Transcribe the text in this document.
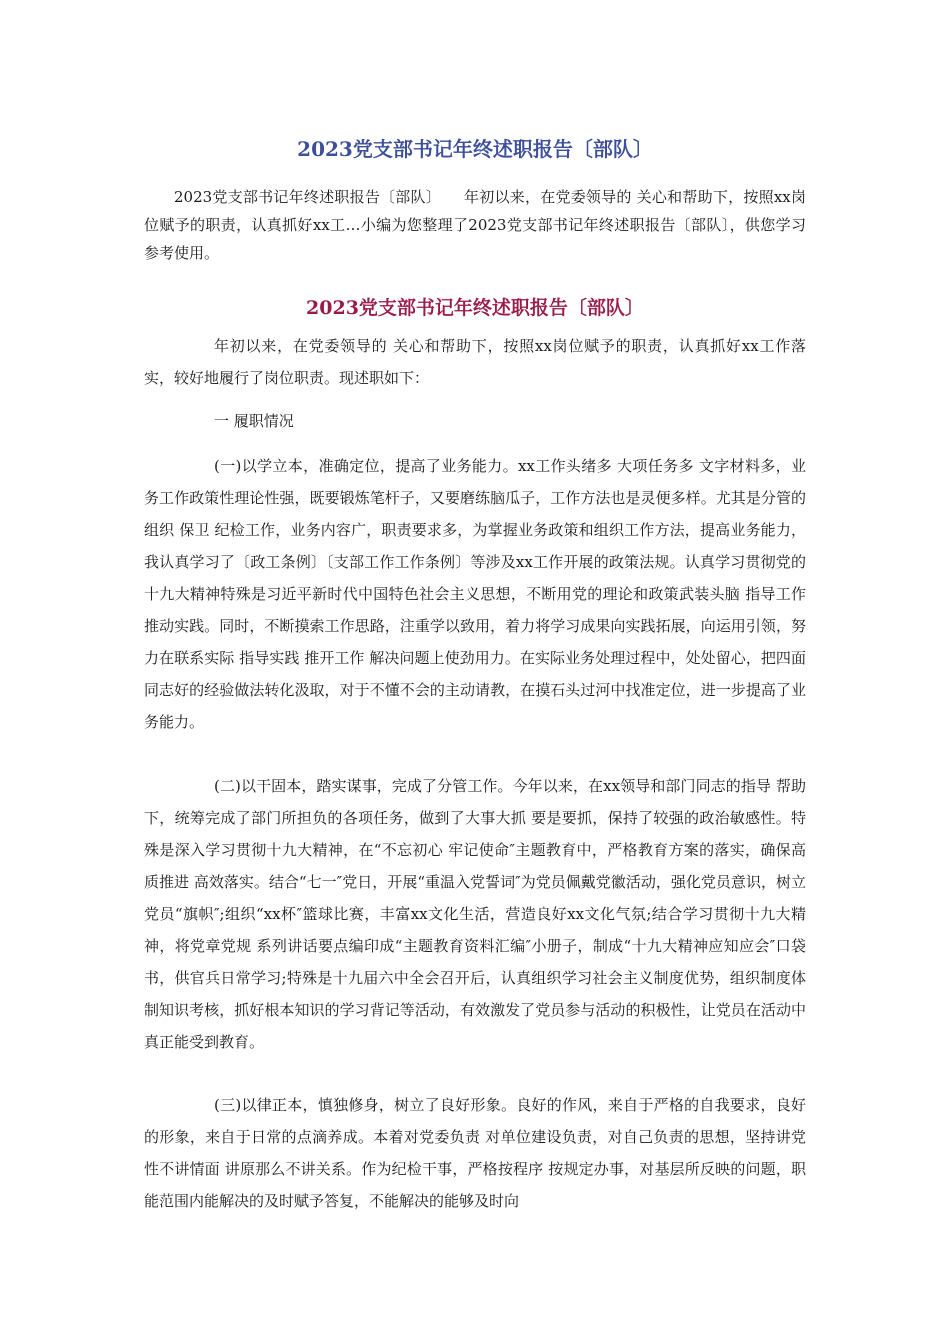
2023党支部书记年终述职报告〔部队〕

2023党支部书记年终述职报告〔部队〕　　年初以来，在党委领导的 关心和帮助下，按照xx岗位赋予的职责，认真抓好xx工…小编为您整理了2023党支部书记年终述职报告〔部队〕，供您学习参考使用。

2023党支部书记年终述职报告〔部队〕

年初以来，在党委领导的 关心和帮助下，按照xx岗位赋予的职责，认真抓好xx工作落实，较好地履行了岗位职责。现述职如下：

一 履职情况

(一)以学立本，准确定位，提高了业务能力。xx工作头绪多 大项任务多 文字材料多，业务工作政策性理论性强，既要锻炼笔杆子，又要磨练脑瓜子，工作方法也是灵便多样。尤其是分管的组织 保卫 纪检工作，业务内容广，职责要求多，为掌握业务政策和组织工作方法，提高业务能力，我认真学习了〔政工条例〕〔支部工作工作条例〕等涉及xx工作开展的政策法规。认真学习贯彻党的十九大精神特殊是习近平新时代中国特色社会主义思想，不断用党的理论和政策武装头脑 指导工作 推动实践。同时，不断摸索工作思路，注重学以致用，着力将学习成果向实践拓展，向运用引领，努力在联系实际 指导实践 推开工作 解决问题上使劲用力。在实际业务处理过程中，处处留心，把四面同志好的经验做法转化汲取，对于不懂不会的主动请教，在摸石头过河中找准定位，进一步提高了业务能力。

(二)以干固本，踏实谋事，完成了分管工作。今年以来，在xx领导和部门同志的指导 帮助下，统筹完成了部门所担负的各项任务，做到了大事大抓 要是要抓，保持了较强的政治敏感性。特殊是深入学习贯彻十九大精神，在“不忘初心 牢记使命″主题教育中，严格教育方案的落实，确保高质推进 高效落实。结合“七一″党日，开展“重温入党誓词″为党员佩戴党徽活动，强化党员意识，树立党员“旗帜″;组织“xx杯″篮球比赛，丰富xx文化生活，营造良好xx文化气氛;结合学习贯彻十九大精神，将党章党规 系列讲话要点编印成“主题教育资料汇编″小册子，制成“十九大精神应知应会″口袋书，供官兵日常学习;特殊是十九届六中全会召开后，认真组织学习社会主义制度优势，组织制度体制知识考核，抓好根本知识的学习背记等活动，有效激发了党员参与活动的积极性，让党员在活动中真正能受到教育。

(三)以律正本，慎独修身，树立了良好形象。良好的作风，来自于严格的自我要求，良好的形象，来自于日常的点滴养成。本着对党委负责 对单位建设负责，对自己负责的思想，坚持讲党性不讲情面 讲原那么不讲关系。作为纪检干事，严格按程序 按规定办事，对基层所反映的问题，职能范围内能解决的及时赋予答复，不能解决的能够及时向
